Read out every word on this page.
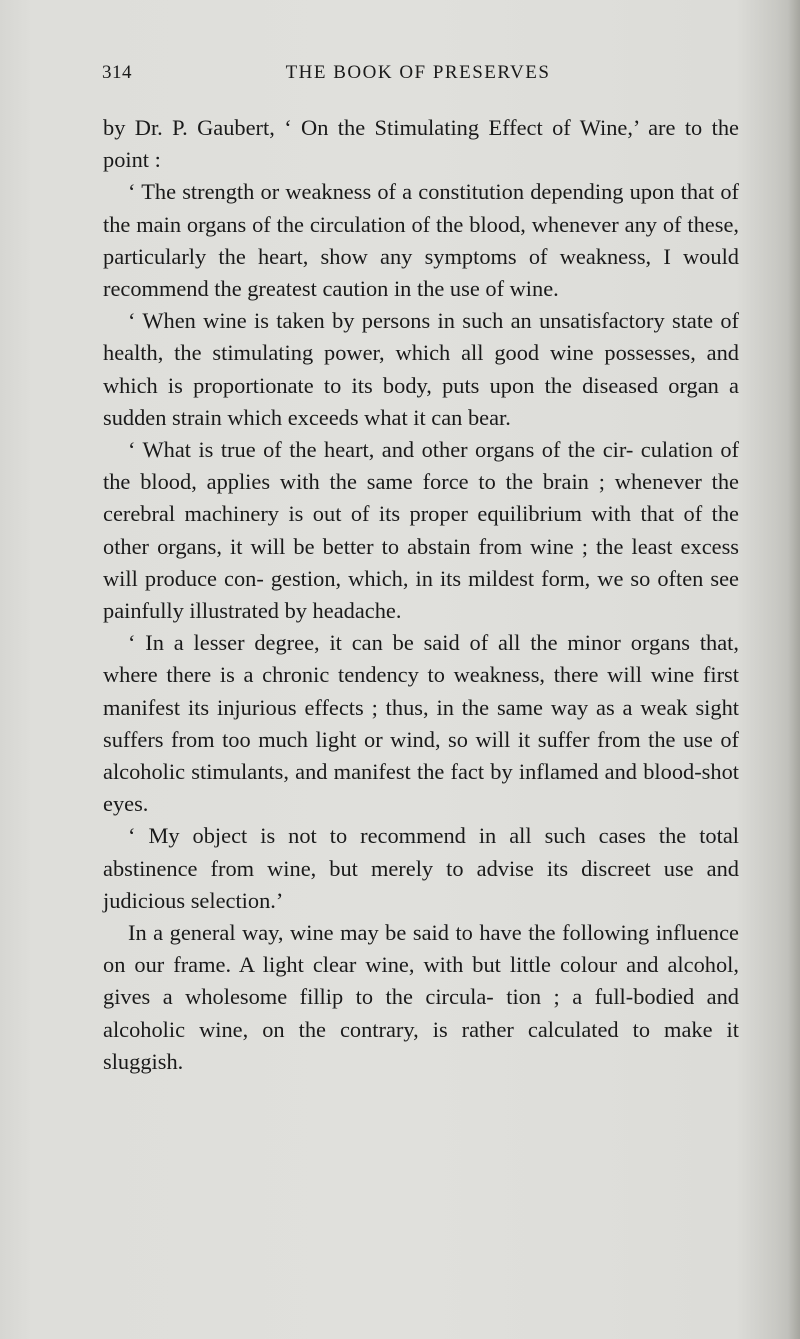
314	THE BOOK OF PRESERVES

by Dr. P. Gaubert, ‘ On the Stimulating Effect of Wine,’ are to the point :

‘ The strength or weakness of a constitution depending upon that of the main organs of the circulation of the blood, whenever any of these, particularly the heart, show any symptoms of weakness, I would recommend the greatest caution in the use of wine.

‘ When wine is taken by persons in such an unsatisfactory state of health, the stimulating power, which all good wine possesses, and which is proportionate to its body, puts upon the diseased organ a sudden strain which exceeds what it can bear.

‘ What is true of the heart, and other organs of the cir- culation of the blood, applies with the same force to the brain ; whenever the cerebral machinery is out of its proper equilibrium with that of the other organs, it will be better to abstain from wine ; the least excess will produce con- gestion, which, in its mildest form, we so often see painfully illustrated by headache.

‘ In a lesser degree, it can be said of all the minor organs that, where there is a chronic tendency to weakness, there will wine first manifest its injurious effects ; thus, in the same way as a weak sight suffers from too much light or wind, so will it suffer from the use of alcoholic stimulants, and manifest the fact by inflamed and blood-shot eyes.

‘ My object is not to recommend in all such cases the total abstinence from wine, but merely to advise its discreet use and judicious selection.’

In a general way, wine may be said to have the following influence on our frame. A light clear wine, with but little colour and alcohol, gives a wholesome fillip to the circula- tion ; a full-bodied and alcoholic wine, on the contrary, is rather calculated to make it sluggish.
